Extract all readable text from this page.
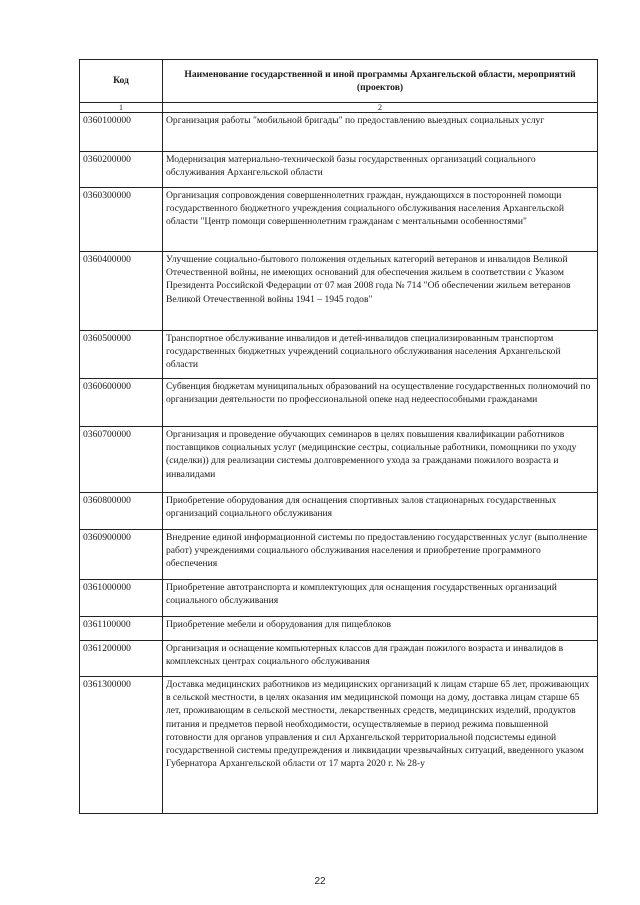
Код	Наименование государственной и иной программы Архангельской области, мероприятий (проектов)
1	2
0360100000	Организация работы "мобильной бригады" по предоставлению выездных социальных услуг
0360200000	Модернизация материально-технической базы государственных организаций социального обслуживания Архангельской области
0360300000	Организация сопровождения совершеннолетних граждан, нуждающихся в посторонней помощи государственного бюджетного учреждения социального обслуживания населения Архангельской области "Центр помощи совершеннолетним гражданам с ментальными особенностями"
0360400000	Улучшение социально-бытового положения отдельных категорий ветеранов и инвалидов Великой Отечественной войны, не имеющих оснований для обеспечения жильем в соответствии с Указом Президента Российской Федерации от 07 мая 2008 года № 714 "Об обеспечении жильем ветеранов Великой Отечественной войны 1941 – 1945 годов"
0360500000	Транспортное обслуживание инвалидов и детей-инвалидов специализированным транспортом государственных бюджетных учреждений социального обслуживания населения Архангельской области
0360600000	Субвенция бюджетам муниципальных образований на осуществление государственных полномочий по организации деятельности по профессиональной опеке над недееспособными гражданами
0360700000	Организация и проведение обучающих семинаров в целях повышения квалификации работников поставщиков социальных услуг (медицинские сестры, социальные работники, помощники по уходу (сиделки)) для реализации системы долговременного ухода за гражданами пожилого возраста и инвалидами
0360800000	Приобретение оборудования для оснащения спортивных залов стационарных государственных организаций социального обслуживания
0360900000	Внедрение единой информационной системы по предоставлению государственных услуг (выполнение работ) учреждениями социального обслуживания населения и приобретение программного обеспечения
0361000000	Приобретение автотранспорта и комплектующих для оснащения государственных организаций социального обслуживания
0361100000	Приобретение мебели и оборудования для пищеблоков
0361200000	Организация и оснащение компьютерных классов для граждан пожилого возраста и инвалидов в комплексных центрах социального обслуживания
0361300000	Доставка медицинских работников из медицинских организаций к лицам старше 65 лет, проживающих в сельской местности, в целях оказания им медицинской помощи на дому, доставка лицам старше 65 лет, проживающим в сельской местности, лекарственных средств, медицинских изделий, продуктов питания и предметов первой необходимости, осуществляемые в период режима повышенной готовности для органов управления и сил Архангельской территориальной подсистемы единой государственной системы предупреждения и ликвидации чрезвычайных ситуаций, введенного указом Губернатора Архангельской области от 17 марта 2020 г. № 28-у
22
